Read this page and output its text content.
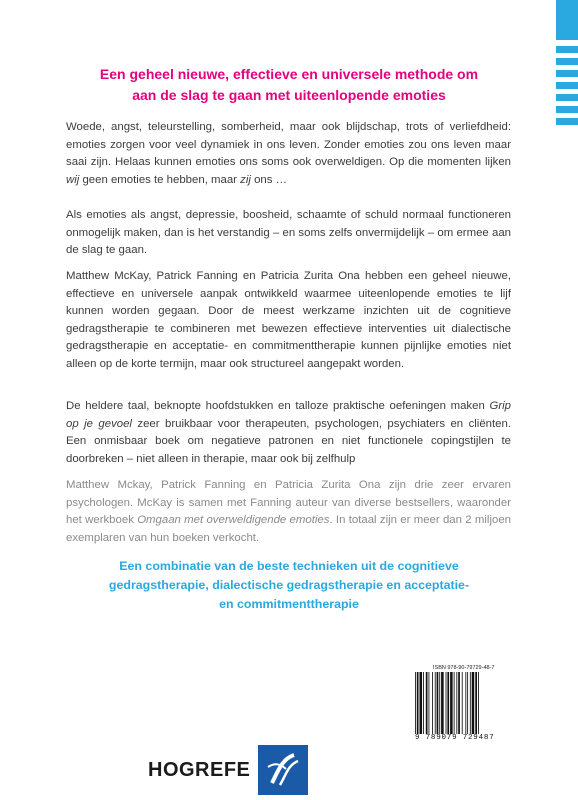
Een geheel nieuwe, effectieve en universele methode om
aan de slag te gaan met uiteenlopende emoties

Woede, angst, teleurstelling, somberheid, maar ook blijdschap, trots of verliefdheid: emoties zorgen voor veel dynamiek in ons leven. Zonder emoties zou ons leven maar saai zijn. Helaas kunnen emoties ons soms ook overweldigen. Op die momenten lijken wij geen emoties te hebben, maar zij ons …

Als emoties als angst, depressie, boosheid, schaamte of schuld normaal functioneren onmogelijk maken, dan is het verstandig – en soms zelfs onvermijdelijk – om ermee aan de slag te gaan.

Matthew McKay, Patrick Fanning en Patricia Zurita Ona hebben een geheel nieuwe, effectieve en universele aanpak ontwikkeld waarmee uiteenlopende emoties te lijf kunnen worden gegaan. Door de meest werkzame inzichten uit de cognitieve gedragstherapie te combineren met bewezen effectieve interventies uit dialectische gedragstherapie en acceptatie- en commitmenttherapie kunnen pijnlijke emoties niet alleen op de korte termijn, maar ook structureel aangepakt worden.

De heldere taal, beknopte hoofdstukken en talloze praktische oefeningen maken Grip op je gevoel zeer bruikbaar voor therapeuten, psychologen, psychiaters en cliënten. Een onmisbaar boek om negatieve patronen en niet functionele copingstijlen te doorbreken – niet alleen in therapie, maar ook bij zelfhulp

Matthew Mckay, Patrick Fanning en Patricia Zurita Ona zijn drie zeer ervaren psychologen. McKay is samen met Fanning auteur van diverse bestsellers, waaronder het werkboek Omgaan met overweldigende emoties. In totaal zijn er meer dan 2 miljoen exemplaren van hun boeken verkocht.

Een combinatie van de beste technieken uit de cognitieve
gedragstherapie, dialectische gedragstherapie en acceptatie-
en commitmenttherapie

ISBN 978-90-79729-48-7
9 789079 729487
HOGREFE
